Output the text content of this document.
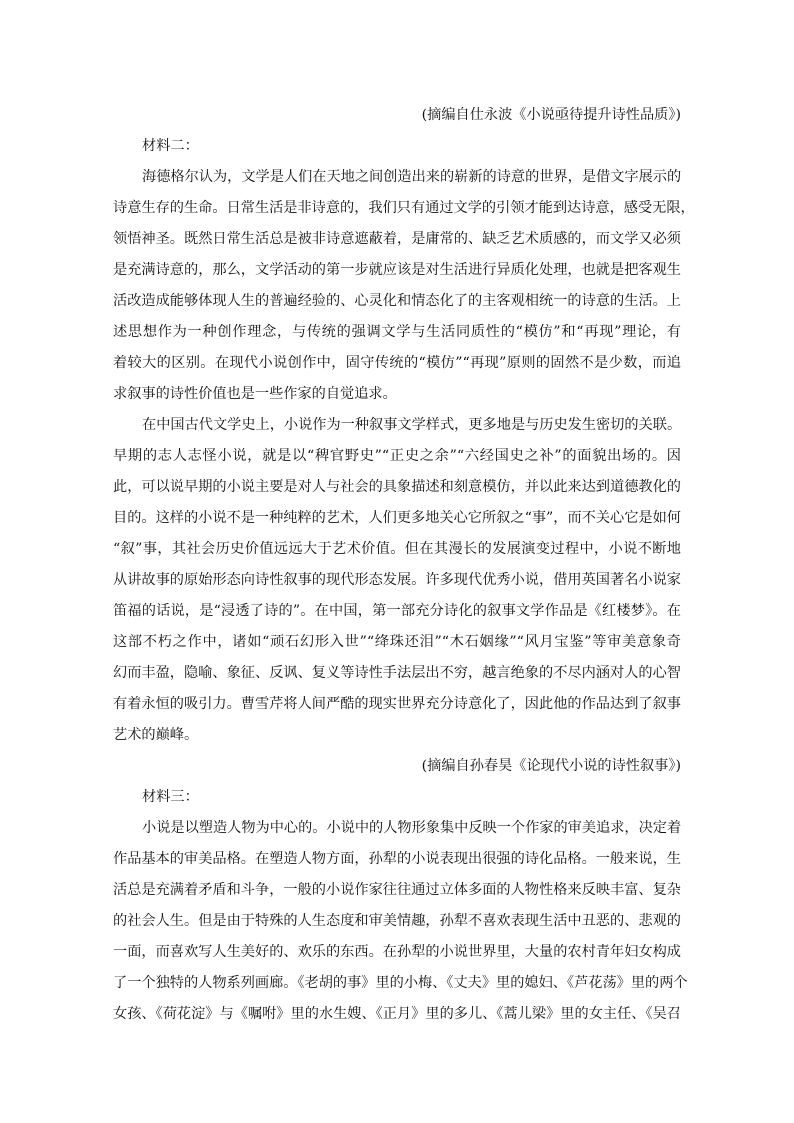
(摘编自仕永波《小说亟待提升诗性品质》)
材料二：
海德格尔认为，文学是人们在天地之间创造出来的崭新的诗意的世界，是借文字展示的
诗意生存的生命。日常生活是非诗意的，我们只有通过文学的引领才能到达诗意，感受无限，
领悟神圣。既然日常生活总是被非诗意遮蔽着，是庸常的、缺乏艺术质感的，而文学又必须
是充满诗意的，那么，文学活动的第一步就应该是对生活进行异质化处理，也就是把客观生
活改造成能够体现人生的普遍经验的、心灵化和情态化了的主客观相统一的诗意的生活。上
述思想作为一种创作理念，与传统的强调文学与生活同质性的“模仿”和“再现”理论，有
着较大的区别。在现代小说创作中，固守传统的“模仿”“再现”原则的固然不是少数，而追
求叙事的诗性价值也是一些作家的自觉追求。
在中国古代文学史上，小说作为一种叙事文学样式，更多地是与历史发生密切的关联。
早期的志人志怪小说，就是以“稗官野史”“正史之余”“六经国史之补”的面貌出场的。因
此，可以说早期的小说主要是对人与社会的具象描述和刻意模仿，并以此来达到道德教化的
目的。这样的小说不是一种纯粹的艺术，人们更多地关心它所叙之“事”，而不关心它是如何
“叙”事，其社会历史价值远远大于艺术价值。但在其漫长的发展演变过程中，小说不断地
从讲故事的原始形态向诗性叙事的现代形态发展。许多现代优秀小说，借用英国著名小说家
笛福的话说，是“浸透了诗的”。在中国，第一部充分诗化的叙事文学作品是《红楼梦》。在
这部不朽之作中，诸如“顽石幻形入世”“绛珠还泪”“木石姻缘”“风月宝鉴”等审美意象奇
幻而丰盈，隐喻、象征、反讽、复义等诗性手法层出不穷，越言绝象的不尽内涵对人的心智
有着永恒的吸引力。曹雪芹将人间严酷的现实世界充分诗意化了，因此他的作品达到了叙事
艺术的巅峰。
(摘编自孙春昊《论现代小说的诗性叙事》)
材料三：
小说是以塑造人物为中心的。小说中的人物形象集中反映一个作家的审美追求，决定着
作品基本的审美品格。在塑造人物方面，孙犁的小说表现出很强的诗化品格。一般来说，生
活总是充满着矛盾和斗争，一般的小说作家往往通过立体多面的人物性格来反映丰富、复杂
的社会人生。但是由于特殊的人生态度和审美情趣，孙犁不喜欢表现生活中丑恶的、悲观的
一面，而喜欢写人生美好的、欢乐的东西。在孙犁的小说世界里，大量的农村青年妇女构成
了一个独特的人物系列画廊。《老胡的事》里的小梅、《丈夫》里的媳妇、《芦花荡》里的两个
女孩、《荷花淀》与《嘱咐》里的水生嫂、《正月》里的多儿、《蒿儿梁》里的女主任、《吴召
